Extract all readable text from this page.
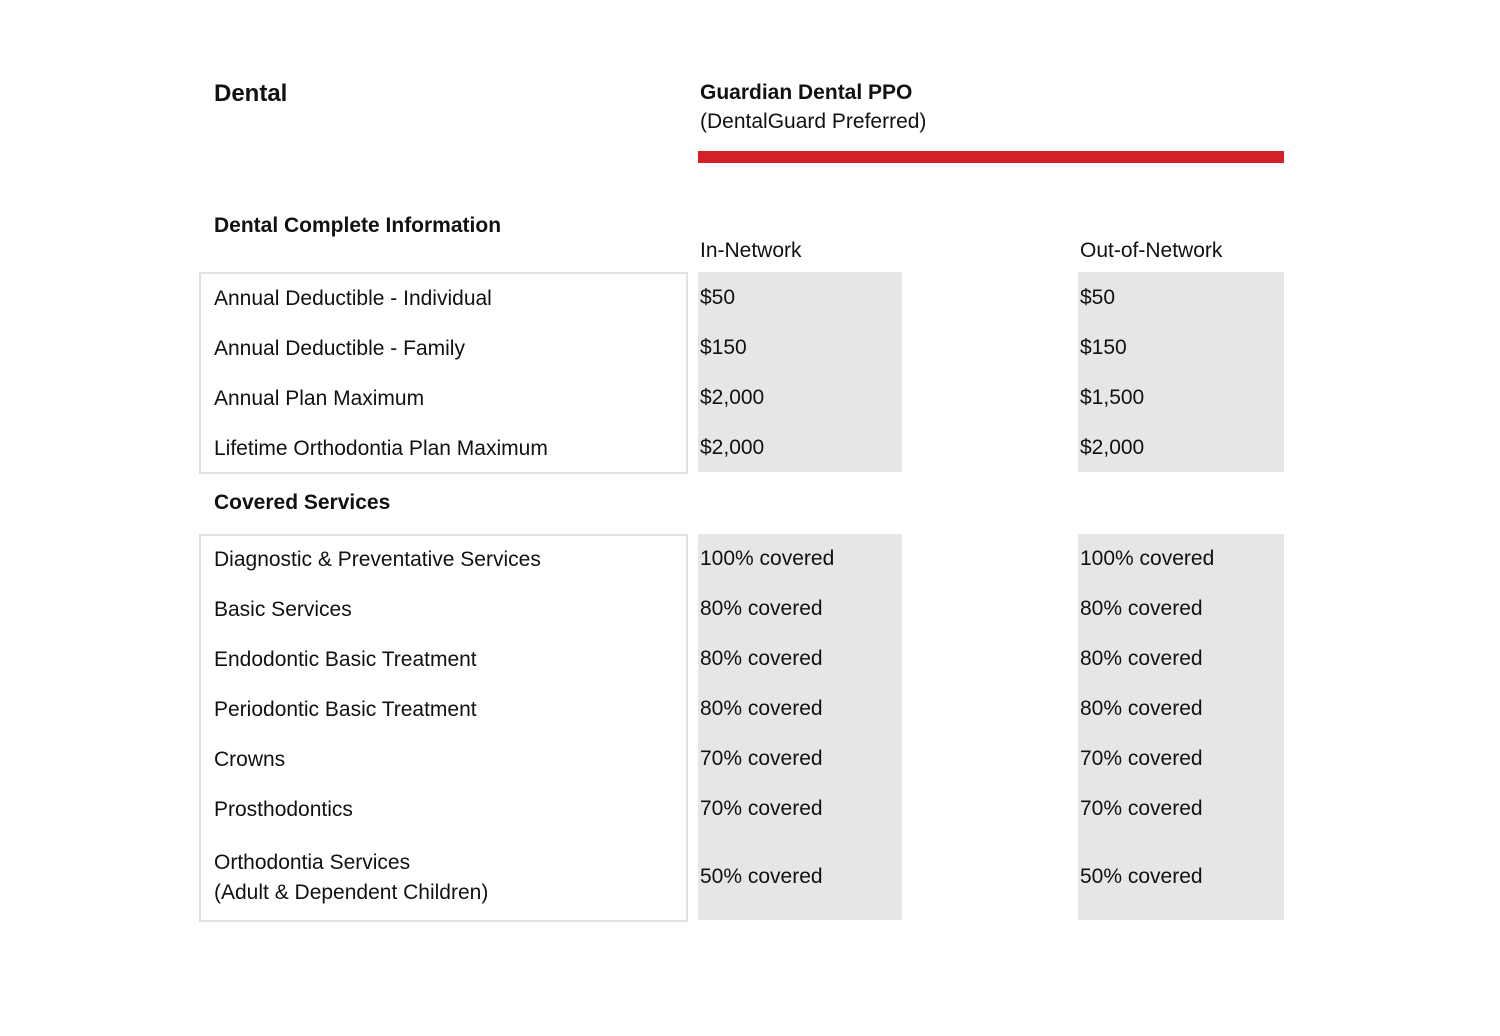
Dental	Guardian Dental PPO
(DentalGuard Preferred)
Dental Complete Information
In-Network	Out-of-Network
Annual Deductible - Individual	$50	$50
Annual Deductible - Family	$150	$150
Annual Plan Maximum	$2,000	$1,500
Lifetime Orthodontia Plan Maximum	$2,000	$2,000
Covered Services
Diagnostic & Preventative Services	100% covered	100% covered
Basic Services	80% covered	80% covered
Endodontic Basic Treatment	80% covered	80% covered
Periodontic Basic Treatment	80% covered	80% covered
Crowns	70% covered	70% covered
Prosthodontics	70% covered	70% covered
Orthodontia Services
(Adult & Dependent Children)
50% covered	50% covered
